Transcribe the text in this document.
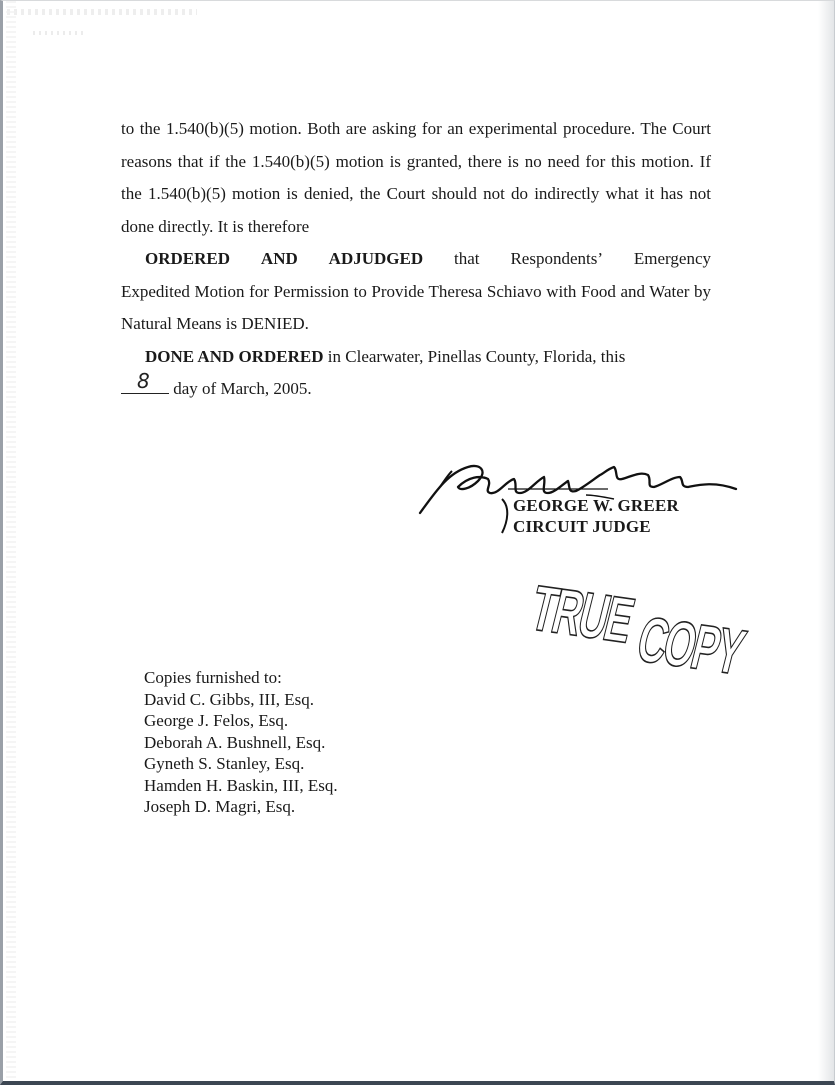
to the 1.540(b)(5) motion. Both are asking for an experimental procedure. The Court reasons that if the 1.540(b)(5) motion is granted, there is no need for this motion. If the 1.540(b)(5) motion is denied, the Court should not do indirectly what it has not done directly. It is therefore

ORDERED AND ADJUDGED that Respondents’ Emergency

Expedited Motion for Permission to Provide Theresa Schiavo with Food and Water by Natural Means is DENIED.

DONE AND ORDERED in Clearwater, Pinellas County, Florida, this

8 day of March, 2005.

GEORGE W. GREER
CIRCUIT JUDGE
TRUE
COPY
Copies furnished to:
David C. Gibbs, III, Esq.
George J. Felos, Esq.
Deborah A. Bushnell, Esq.
Gyneth S. Stanley, Esq.
Hamden H. Baskin, III, Esq.
Joseph D. Magri, Esq.
